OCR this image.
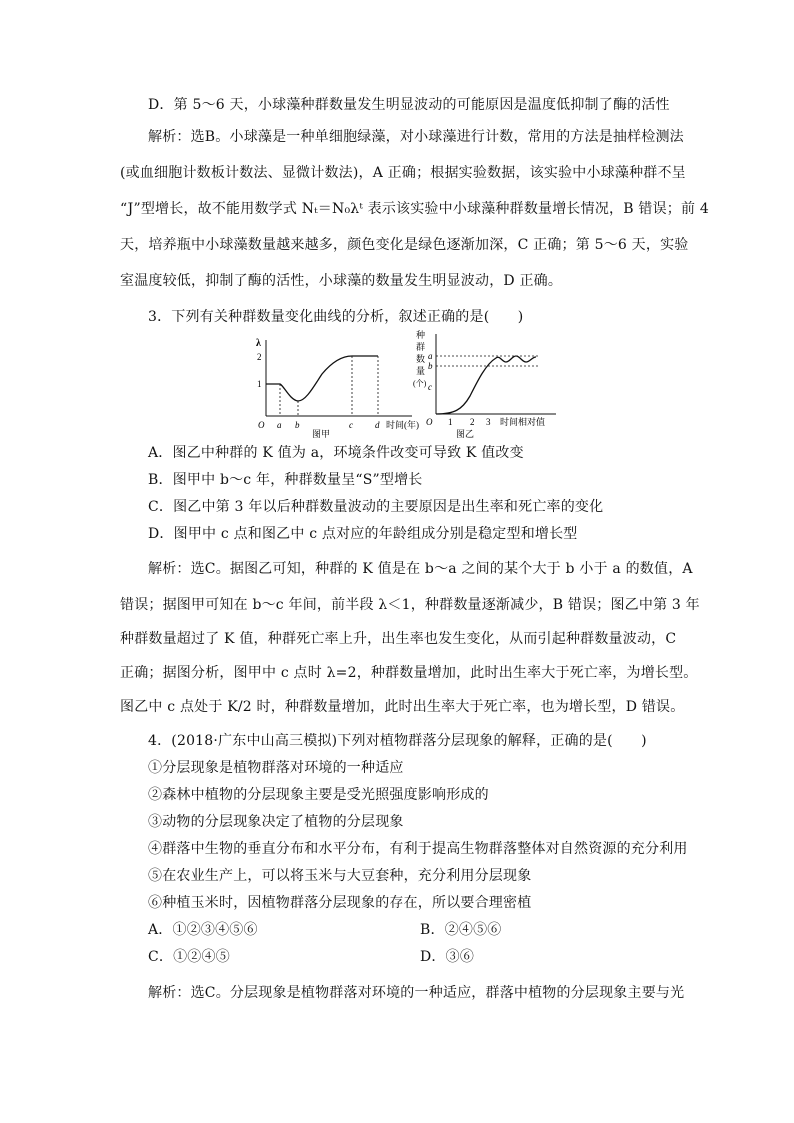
D．第 5～6 天，小球藻种群数量发生明显波动的可能原因是温度低抑制了酶的活性
解析：选B。小球藻是一种单细胞绿藻，对小球藻进行计数，常用的方法是抽样检测法
(或血细胞计数板计数法、显微计数法)，A 正确；根据实验数据，该实验中小球藻种群不呈
“J”型增长，故不能用数学式 Nₜ＝N₀λᵗ 表示该实验中小球藻种群数量增长情况，B 错误；前 4
天，培养瓶中小球藻数量越来越多，颜色变化是绿色逐渐加深，C 正确；第 5～6 天，实验
室温度较低，抑制了酶的活性，小球藻的数量发生明显波动，D 正确。
3．下列有关种群数量变化曲线的分析，叙述正确的是(　　)
λ
2
1
O a b	c d 时间(年)
图甲
种
群
数
量
(个)
a
b
c
O 1 2 3 时间相对值
图乙
A．图乙中种群的 K 值为 a，环境条件改变可导致 K 值改变
B．图甲中 b～c 年，种群数量呈“S”型增长
C．图乙中第 3 年以后种群数量波动的主要原因是出生率和死亡率的变化
D．图甲中 c 点和图乙中 c 点对应的年龄组成分别是稳定型和增长型
解析：选C。据图乙可知，种群的 K 值是在 b～a 之间的某个大于 b 小于 a 的数值，A
错误；据图甲可知在 b～c 年间，前半段 λ＜1，种群数量逐渐减少，B 错误；图乙中第 3 年
种群数量超过了 K 值，种群死亡率上升，出生率也发生变化，从而引起种群数量波动，C
正确；据图分析，图甲中 c 点时 λ=2，种群数量增加，此时出生率大于死亡率，为增长型。
图乙中 c 点处于 K/2 时，种群数量增加，此时出生率大于死亡率，也为增长型，D 错误。
4．(2018·广东中山高三模拟)下列对植物群落分层现象的解释，正确的是(　　)
①分层现象是植物群落对环境的一种适应
②森林中植物的分层现象主要是受光照强度影响形成的
③动物的分层现象决定了植物的分层现象
④群落中生物的垂直分布和水平分布，有利于提高生物群落整体对自然资源的充分利用
⑤在农业生产上，可以将玉米与大豆套种，充分利用分层现象
⑥种植玉米时，因植物群落分层现象的存在，所以要合理密植
A．①②③④⑤⑥	B．②④⑤⑥
C．①②④⑤	D．③⑥
解析：选C。分层现象是植物群落对环境的一种适应，群落中植物的分层现象主要与光
